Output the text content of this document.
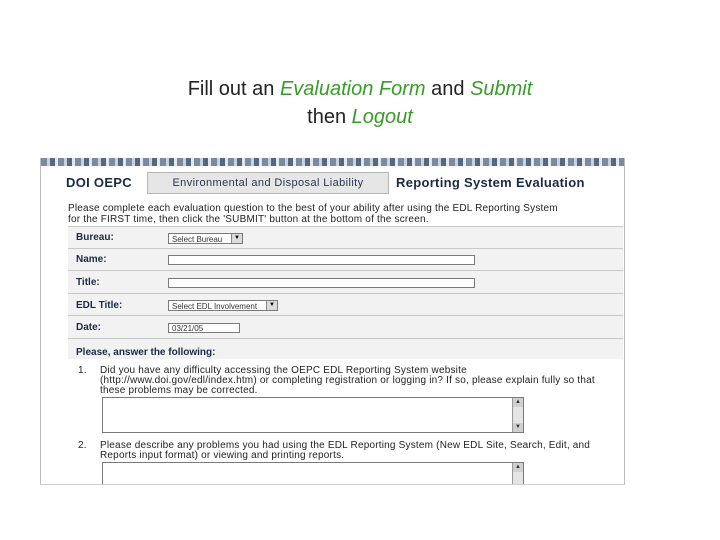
Fill out an Evaluation Form and Submit
then Logout
DOI OEPC	Environmental and Disposal Liability	Reporting System Evaluation
Please complete each evaluation question to the best of your ability after using the EDL Reporting System
for the FIRST time, then click the 'SUBMIT' button at the bottom of the screen.
Bureau:	Select Bureau	▼
Name:
Title:
EDL Title:	Select EDL Involvement	▼
Date:	03/21/05
Please, answer the following:
1. Did you have any difficulty accessing the OEPC EDL Reporting System website (http://www.doi.gov/edl/index.htm) or completing registration or logging in? If so, please explain fully so that these problems may be corrected.
▲
▼
2. Please describe any problems you had using the EDL Reporting System (New EDL Site, Search, Edit, and Reports input format) or viewing and printing reports.
▲
